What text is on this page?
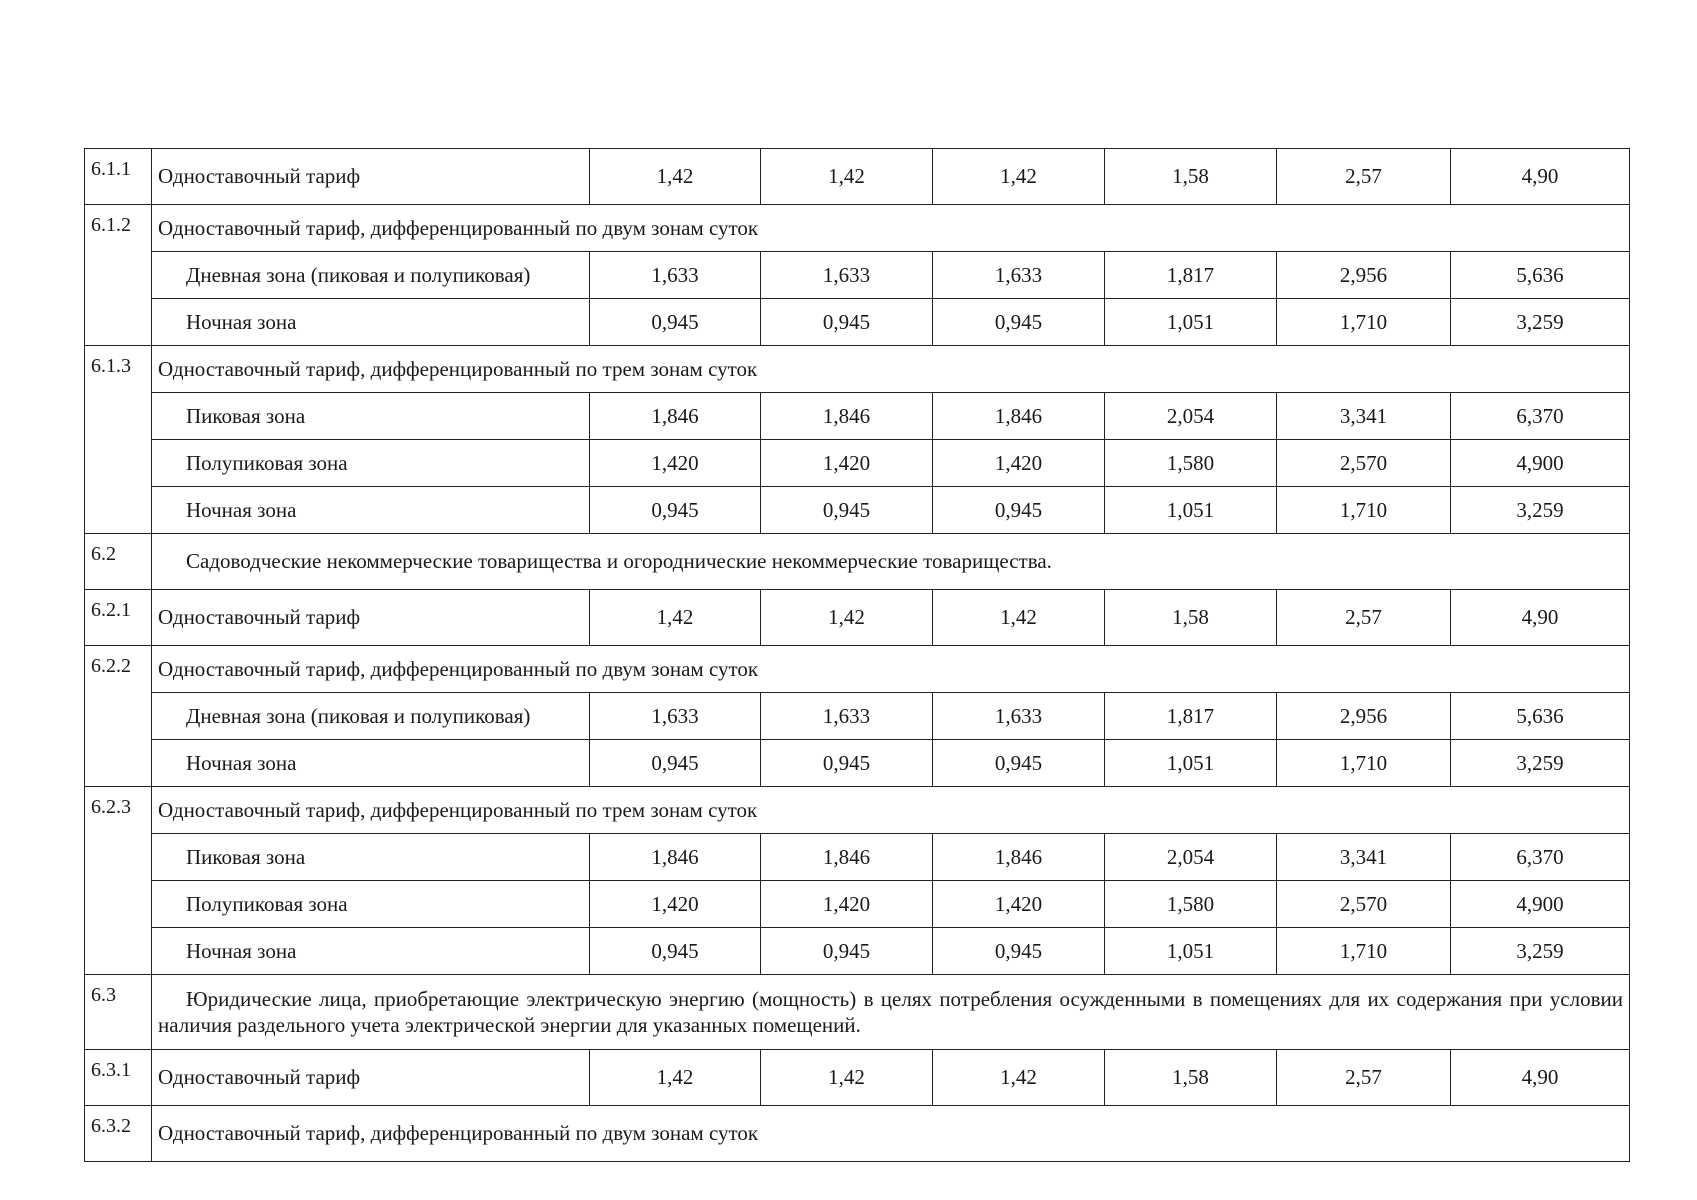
6.1.1	Одноставочный тариф	1,42	1,42	1,42	1,58	2,57	4,90
6.1.2	Одноставочный тариф, дифференцированный по двум зонам суток						
	Дневная зона (пиковая и полупиковая)	1,633	1,633	1,633	1,817	2,956	5,636
	Ночная зона	0,945	0,945	0,945	1,051	1,710	3,259
6.1.3	Одноставочный тариф, дифференцированный по трем зонам суток						
	Пиковая зона	1,846	1,846	1,846	2,054	3,341	6,370
	Полупиковая зона	1,420	1,420	1,420	1,580	2,570	4,900
	Ночная зона	0,945	0,945	0,945	1,051	1,710	3,259
6.2	Садоводческие некоммерческие товарищества и огороднические некоммерческие товарищества.						
6.2.1	Одноставочный тариф	1,42	1,42	1,42	1,58	2,57	4,90
6.2.2	Одноставочный тариф, дифференцированный по двум зонам суток						
	Дневная зона (пиковая и полупиковая)	1,633	1,633	1,633	1,817	2,956	5,636
	Ночная зона	0,945	0,945	0,945	1,051	1,710	3,259
6.2.3	Одноставочный тариф, дифференцированный по трем зонам суток						
	Пиковая зона	1,846	1,846	1,846	2,054	3,341	6,370
	Полупиковая зона	1,420	1,420	1,420	1,580	2,570	4,900
	Ночная зона	0,945	0,945	0,945	1,051	1,710	3,259
6.3	Юридические лица, приобретающие электрическую энергию (мощность) в целях потребления осужденными в помещениях для их содержания при условии наличия раздельного учета электрической энергии для указанных помещений.						
6.3.1	Одноставочный тариф	1,42	1,42	1,42	1,58	2,57	4,90
6.3.2	Одноставочный тариф, дифференцированный по двум зонам суток						
